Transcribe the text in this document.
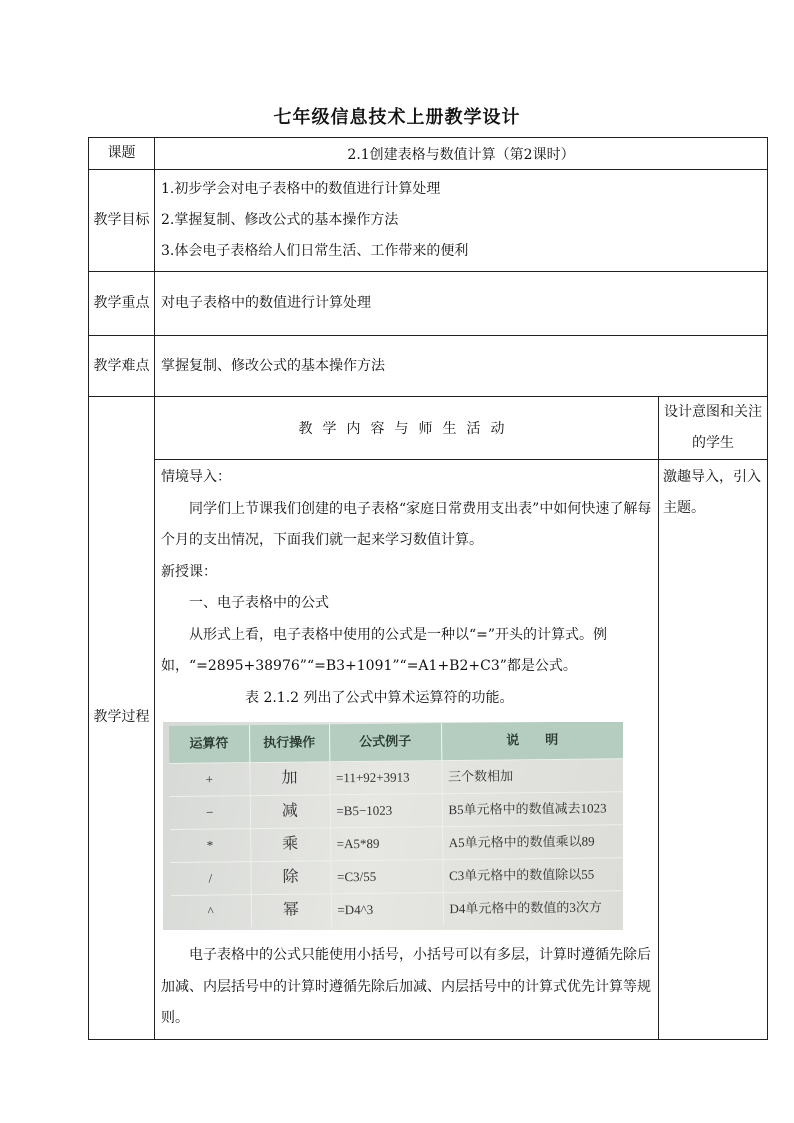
七年级信息技术上册教学设计
课题	2.1创建表格与数值计算（第2课时）
教学目标	

1.初步学会对电子表格中的数值进行计算处理

2.掌握复制、修改公式的基本操作方法

3.体会电子表格给人们日常生活、工作带来的便利

教学重点	对电子表格中的数值进行计算处理
教学难点	掌握复制、修改公式的基本操作方法
教学过程	教学内容与师生活动	设计意图和关注的学生

情境导入：

同学们上节课我们创建的电子表格“家庭日常费用支出表”中如何快速了解每个月的支出情况，下面我们就一起来学习数值计算。

新授课：

一、电子表格中的公式

从形式上看，电子表格中使用的公式是一种以“=”开头的计算式。例如，“=2895+38976”“=B3+1091”“=A1+B2+C3”都是公式。

表 2.1.2 列出了公式中算术运算符的功能。

运算符	执行操作	公式例子	说　　明
+	加	=11+92+3913	三个数相加
−	减	=B5−1023	B5单元格中的数值减去1023
*	乘	=A5*89	A5单元格中的数值乘以89
/	除	=C3/55	C3单元格中的数值除以55
^	幂	=D4^3	D4单元格中的数值的3次方

电子表格中的公式只能使用小括号，小括号可以有多层，计算时遵循先除后加减、内层括号中的计算时遵循先除后加减、内层括号中的计算式优先计算等规则。

	激趣导入，引入主题。
